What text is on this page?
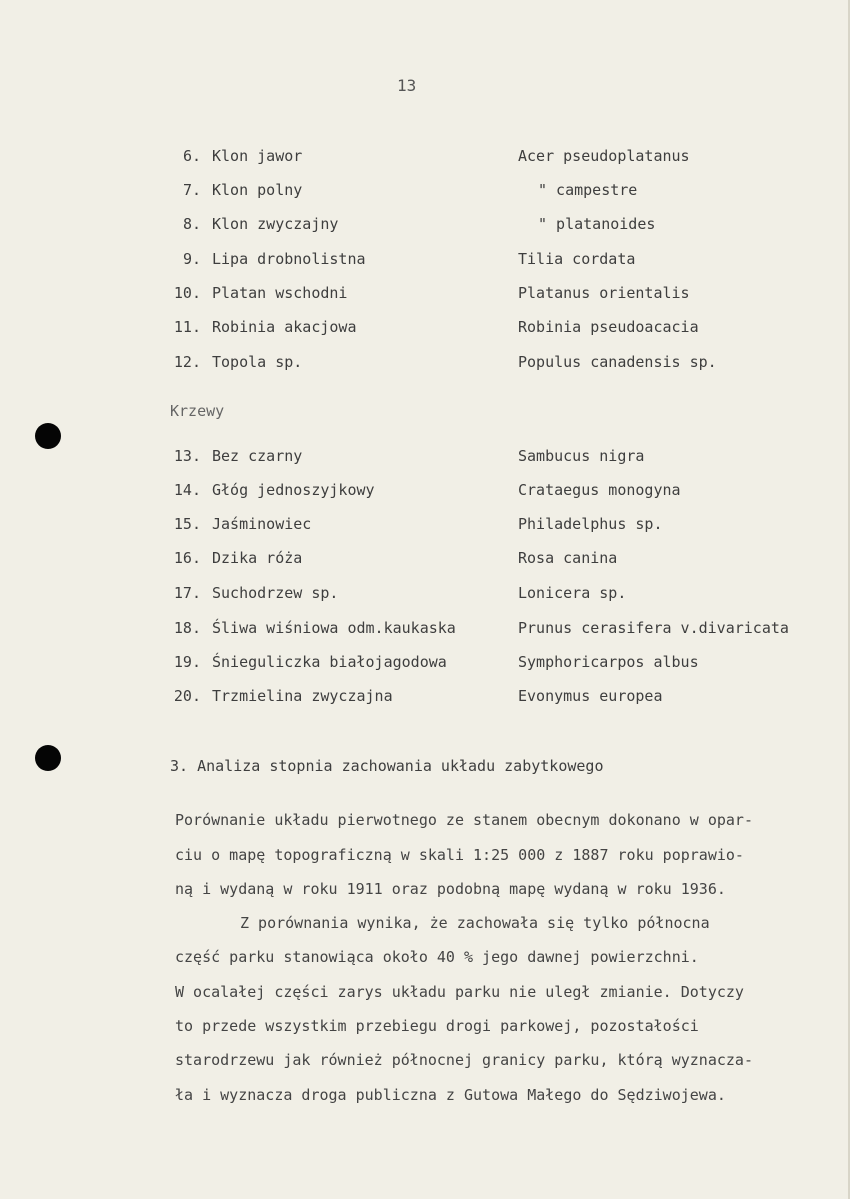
13
6. Klon jawor	Acer pseudoplatanus
7. Klon polny	" campestre
8. Klon zwyczajny	" platanoides
9. Lipa drobnolistna	Tilia cordata
10. Platan wschodni	Platanus orientalis
11. Robinia akacjowa	Robinia pseudoacacia
12. Topola sp.	Populus canadensis sp.
Krzewy
13. Bez czarny	Sambucus nigra
14. Głóg jednoszyjkowy	Crataegus monogyna
15. Jaśminowiec	Philadelphus sp.
16. Dzika róża	Rosa canina
17. Suchodrzew sp.	Lonicera sp.
18. Śliwa wiśniowa odm.kaukaska	Prunus cerasifera v.divaricata
19. Śnieguliczka białojagodowa	Symphoricarpos albus
20. Trzmielina zwyczajna	Evonymus europea
3. Analiza stopnia zachowania układu zabytkowego
Porównanie układu pierwotnego ze stanem obecnym dokonano w opar-
ciu o mapę topograficzną w skali 1:25 000 z 1887 roku poprawio-
ną i wydaną w roku 1911 oraz podobną mapę wydaną w roku 1936.
Z porównania wynika, że zachowała się tylko północna
część parku stanowiąca około 40 % jego dawnej powierzchni.
W ocalałej części zarys układu parku nie uległ zmianie. Dotyczy
to przede wszystkim przebiegu drogi parkowej, pozostałości
starodrzewu jak również północnej granicy parku, którą wyznacza-
ła i wyznacza droga publiczna z Gutowa Małego do Sędziwojewa.
